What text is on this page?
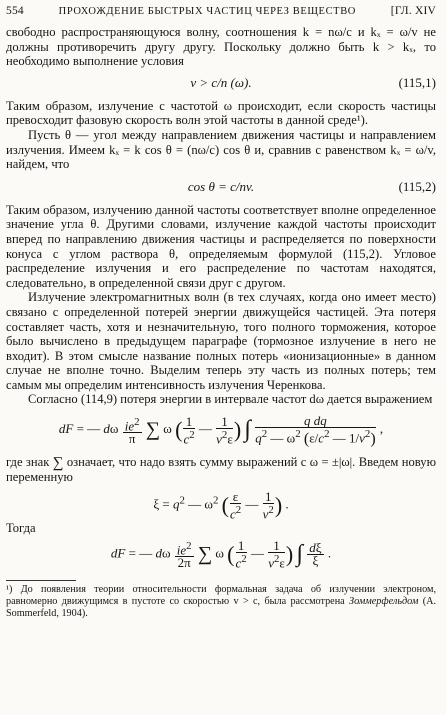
554	ПРОХОЖДЕНИЕ БЫСТРЫХ ЧАСТИЦ ЧЕРЕЗ ВЕЩЕСТВО	[ГЛ. XIV

свободно распространяющуюся волну, соотношения k = nω/c и kₓ = ω/v не должны противоречить другу другу. Поскольку должно быть k > kₓ, то необходимо выполнение условия

v > c/n (ω).	(115,1)

Таким образом, излучение с частотой ω происходит, если скорость частицы превосходит фазовую скорость волн этой частоты в данной среде¹).

Пусть θ — угол между направлением движения частицы и направлением излучения. Имеем kₓ = k cos θ = (nω/c) cos θ и, сравнив с равенством kₓ = ω/v, найдем, что

cos θ = c/nv.	(115,2)

Таким образом, излучению данной частоты соответствует вполне определенное значение угла θ. Другими словами, излучение каждой частоты происходит вперед по направлению движения частицы и распределяется по поверхности конуса с углом раствора θ, определяемым формулой (115,2). Угловое распределение излучения и его распределение по частотам находятся, следовательно, в определенной связи друг с другом.

Излучение электромагнитных волн (в тех случаях, когда оно имеет место) связано с определенной потерей энергии движущейся частицей. Эта потеря составляет часть, хотя и незначительную, того полного торможения, которое было вычислено в предыдущем параграфе (тормозное излучение в него не входит). В этом смысле название полных потерь «ионизационные» в данном случае не вполне точно. Выделим теперь эту часть из полных потерь; тем самым мы определим интенсивность излучения Черенкова.

Согласно (114,9) потеря энергии в интервале частот dω дается выражением

dF = — dω $\frac{ie^2}{\pi}$ ∑ ω ( $\frac{1}{c^2}$ — $\frac{1}{v^2\varepsilon}$ ) ∫ $\frac{\text{q dq}}{q^2 — \omega^2 (\varepsilon/c^2 — 1/v^2)}$ ,

где знак ∑ означает, что надо взять сумму выражений с ω = ±|ω|. Введем новую переменную

$\xi = q^2$ — $\omega^2$ ( $\frac{\varepsilon}{c^2}$ — $\frac{1}{v^2}$ ) .

Тогда

dF = — dω $\frac{ie^2}{2\pi}$ ∑ ω ( $\frac{1}{c^2}$ — $\frac{1}{v^2\varepsilon}$ ) ∫ $\frac{d\xi}{\xi}$ .

¹) До появления теории относительности формальная задача об излучении электроном, равномерно движущимся в пустоте со скоростью v > c, была рассмотрена Зоммерфельдом (A. Sommerfeld, 1904).
